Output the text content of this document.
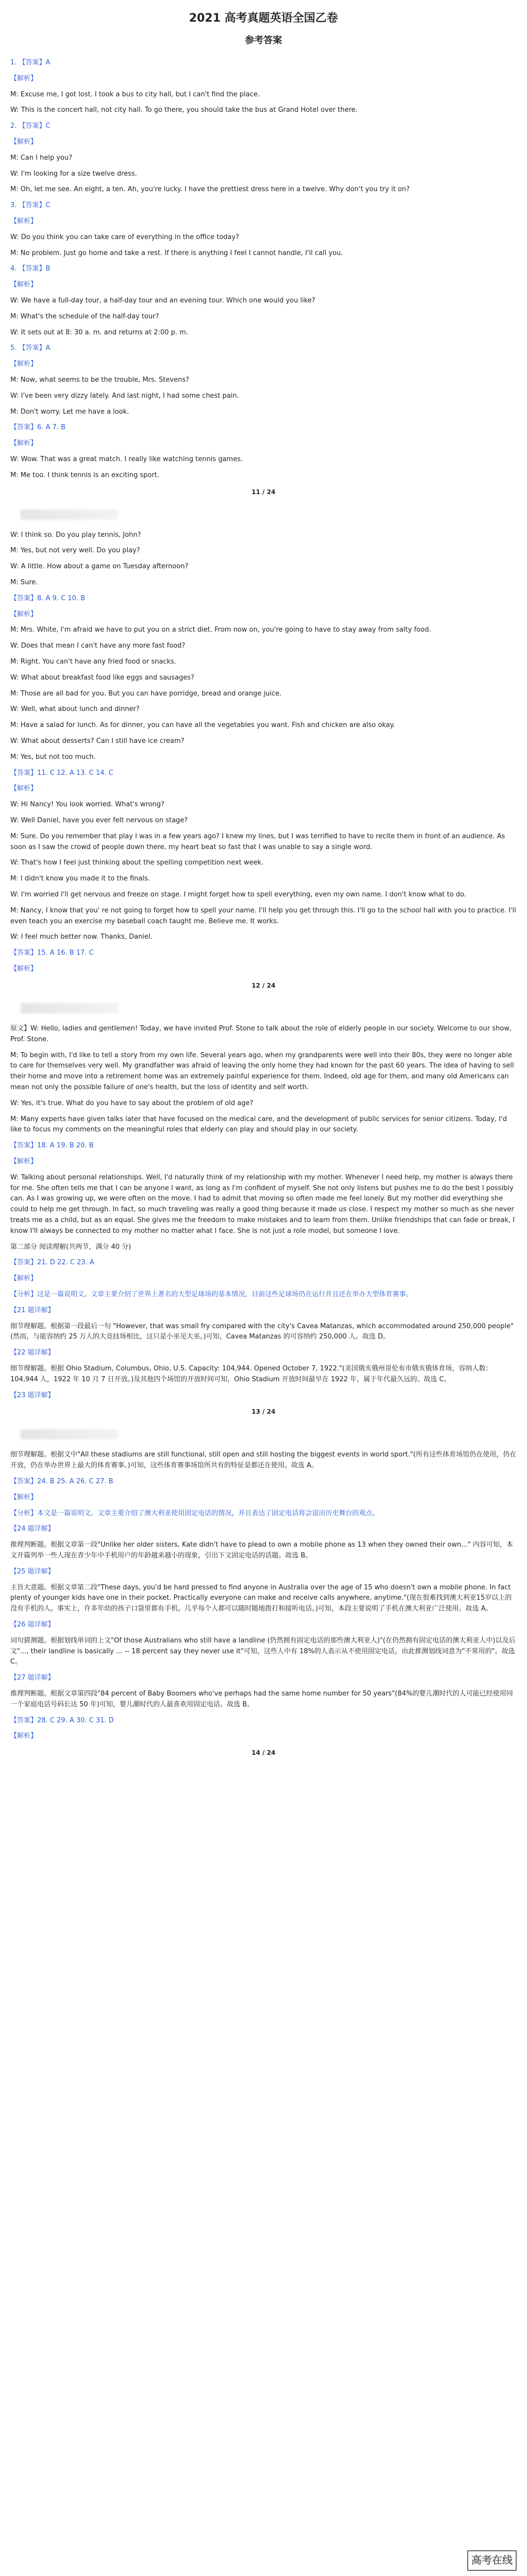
2021 高考真题英语全国乙卷
参考答案
1. 【答案】A
【解析】
M: Excuse me, I got lost. I took a bus to city hall, but I can't find the place.
W: This is the concert hall, not city hall. To go there, you should take the bus at Grand Hotel over there.
2. 【答案】C
【解析】
M: Can I help you?
W: I'm looking for a size twelve dress.
M: Oh, let me see. An eight, a ten. Ah, you're lucky. I have the prettiest dress here in a twelve. Why don't you try it on?
3. 【答案】C
【解析】
W: Do you think you can take care of everything in the office today?
M: No problem. Just go home and take a rest. If there is anything I feel I cannot handle, I'll call you.
4. 【答案】B
【解析】
W: We have a full-day tour, a half-day tour and an evening tour. Which one would you like?
M: What's the schedule of the half-day tour?
W: It sets out at 8: 30 a. m. and returns at 2:00 p. m.
5. 【答案】A
【解析】
M: Now, what seems to be the trouble, Mrs. Stevens?
W: I've been very dizzy lately. And last night, I had some chest pain.
M: Don't worry. Let me have a look.
【答案】6. A 7. B
【解析】
W: Wow. That was a great match. I really like watching tennis games.
M: Me too. I think tennis is an exciting sport.
11 / 24
W: I think so. Do you play tennis, John?
M: Yes, but not very well. Do you play?
W: A little. How about a game on Tuesday afternoon?
M: Sure.
【答案】8. A 9. C 10. B
【解析】
M: Mrs. White, I'm afraid we have to put you on a strict diet. From now on, you're going to have to stay away from salty food.
W: Does that mean I can't have any more fast food?
M: Right. You can't have any fried food or snacks.
W: What about breakfast food like eggs and sausages?
M: Those are all bad for you. But you can have porridge, bread and orange juice.
W: Well, what about lunch and dinner?
M: Have a salad for lunch. As for dinner, you can have all the vegetables you want. Fish and chicken are also okay.
W: What about desserts? Can I still have ice cream?
M: Yes, but not too much.
【答案】11. C 12. A 13. C 14. C
【解析】
W: Hi Nancy! You look worried. What's wrong?
W: Well Daniel, have you ever felt nervous on stage?
M: Sure. Do you remember that play I was in a few years ago? I knew my lines, but I was terrified to have to recite them in front of an audience. As soon as I saw the crowd of people down there, my heart beat so fast that I was unable to say a single word.
W: That's how I feel just thinking about the spelling competition next week.
M: I didn't know you made it to the finals.
W: I'm worried I'll get nervous and freeze on stage. I might forget how to spell everything, even my own name. I don't know what to do.
M: Nancy, I know that you' re not going to forget how to spell your name. I'll help you get through this. I'll go to the school hall with you to practice. I'll even teach you an exercise my baseball coach taught me. Believe me. It works.
W: I feel much better now. Thanks, Daniel.
【答案】15. A 16. B 17. C
【解析】
12 / 24
原文】W: Hello, ladies and gentlemen! Today, we have invited Prof. Stone to talk about the role of elderly people in our society. Welcome to our show, Prof. Stone.
M: To begin with, I'd like to tell a story from my own life. Several years ago, when my grandparents were well into their 80s, they were no longer able to care for themselves very well. My grandfather was afraid of leaving the only home they had known for the past 60 years. The idea of having to sell their home and move into a retirement home was an extremely painful experience for them. Indeed, old age for them, and many old Americans can mean not only the possible failure of one's health, but the loss of identity and self worth.
W: Yes, it's true. What do you have to say about the problem of old age?
M: Many experts have given talks later that have focused on the medical care, and the development of public services for senior citizens. Today, I'd like to focus my comments on the meaningful roles that elderly can play and should play in our society.
【答案】18. A 19. B 20. B
【解析】
W: Talking about personal relationships. Well, I'd naturally think of my relationship with my mother. Whenever I need help, my mother is always there for me. She often tells me that I can be anyone I want, as long as I'm confident of myself. She not only listens but pushes me to do the best I possibly can. As I was growing up, we were often on the move. I had to admit that moving so often made me feel lonely. But my mother did everything she could to help me get through. In fact, so much traveling was really a good thing because it made us close. I respect my mother so much as she never treats me as a child, but as an equal. She gives me the freedom to make mistakes and to learn from them. Unlike friendships that can fade or break, I know I'll always be connected to my mother no matter what I face. She is not just a role model, but someone I love.
第二部分 阅读理解(共两节，满分 40 分)
【答案】21. D 22. C 23. A
【解析】
【分析】这是一篇说明文。文章主要介绍了世界上著名的大型足球场的基本情况，目前这些足球场仍在运行并且还在举办大型体育赛事。
【21 题详解】
细节理解题。根据第一段最后一句 "However, that was small fry compared with the city's Cavea Matanzas, which accommodated around 250,000 people" (然而，与能容纳约 25 万人的大竞技场相比，这只是小巫见大巫。)可知，Cavea Matanzas 的可容纳约 250,000 人。故选 D。
【22 题详解】
细节理解题。根据 Ohio Stadium, Columbus, Ohio, U.S. Capacity: 104,944. Opened October 7, 1922."(美国俄亥俄州哥伦布市俄亥俄体育场，容纳人数：104,944 人，1922 年 10 月 7 日开放。)及其他四个场馆的开放时间可知，Ohio Stadium 开放时间最早在 1922 年，属于年代最久远的。故选 C。
【23 题详解】
13 / 24
细节理解题。根据文中"All these stadiums are still functional, still open and still hosting the biggest events in world sport."(所有这些体育场馆仍在使用，仍在开放，仍在举办世界上最大的体育赛事。)可知，这些体育赛事场馆所共有的特征是都还在使用。故选 A。
【答案】24. B 25. A 26. C 27. B
【解析】
【分析】本文是一篇说明文。文章主要介绍了澳大利亚使用固定电话的情况，并且表达了固定电话将会退出历史舞台的观点。
【24 题详解】
推理判断题。根据文章第一段"Unlike her older sisters, Kate didn't have to plead to own a mobile phone as 13 when they owned their own..." 内容可知，本文开篇列举一些人现在青少年中手机用户的年龄越来越小的现象，引出下文固定电话的话题。故选 B。
【25 题详解】
主旨大意题。根据文章第二段"These days, you'd be hard pressed to find anyone in Australia over the age of 15 who doesn't own a mobile phone. In fact plenty of younger kids have one in their pocket. Practically everyone can make and receive calls anywhere, anytime."(现在很难找到澳大利亚15岁以上的没有手机的人。事实上，许多年幼的孩子口袋里都有手机。几乎每个人都可以随时随地拨打和接听电话。)可知，本段主要说明了手机在澳大利亚广泛使用。故选 A。
【26 题详解】
词句猜测题。根据划线单词的上文"Of those Australians who still have a landline (仍然拥有固定电话的那些澳大利亚人)"(在仍然拥有固定电话的澳大利亚人中)以及后文"..., their landline is basically ... -- 18 percent say they never use it"可知，这些人中有 18%的人表示从不使用固定电话，由此推测划线词意为"不常用的"。故选 C。
【27 题详解】
推理判断题。根据文章第四段"84 percent of Baby Boomers who've perhaps had the same home number for 50 years"(84%的婴儿潮时代的人可能已经使用同一个家庭电话号码长达 50 年)可知，婴儿潮时代的人最喜欢用固定电话。故选 B。
【答案】28. C 29. A 30. C 31. D
【解析】
14 / 24
高考在线
